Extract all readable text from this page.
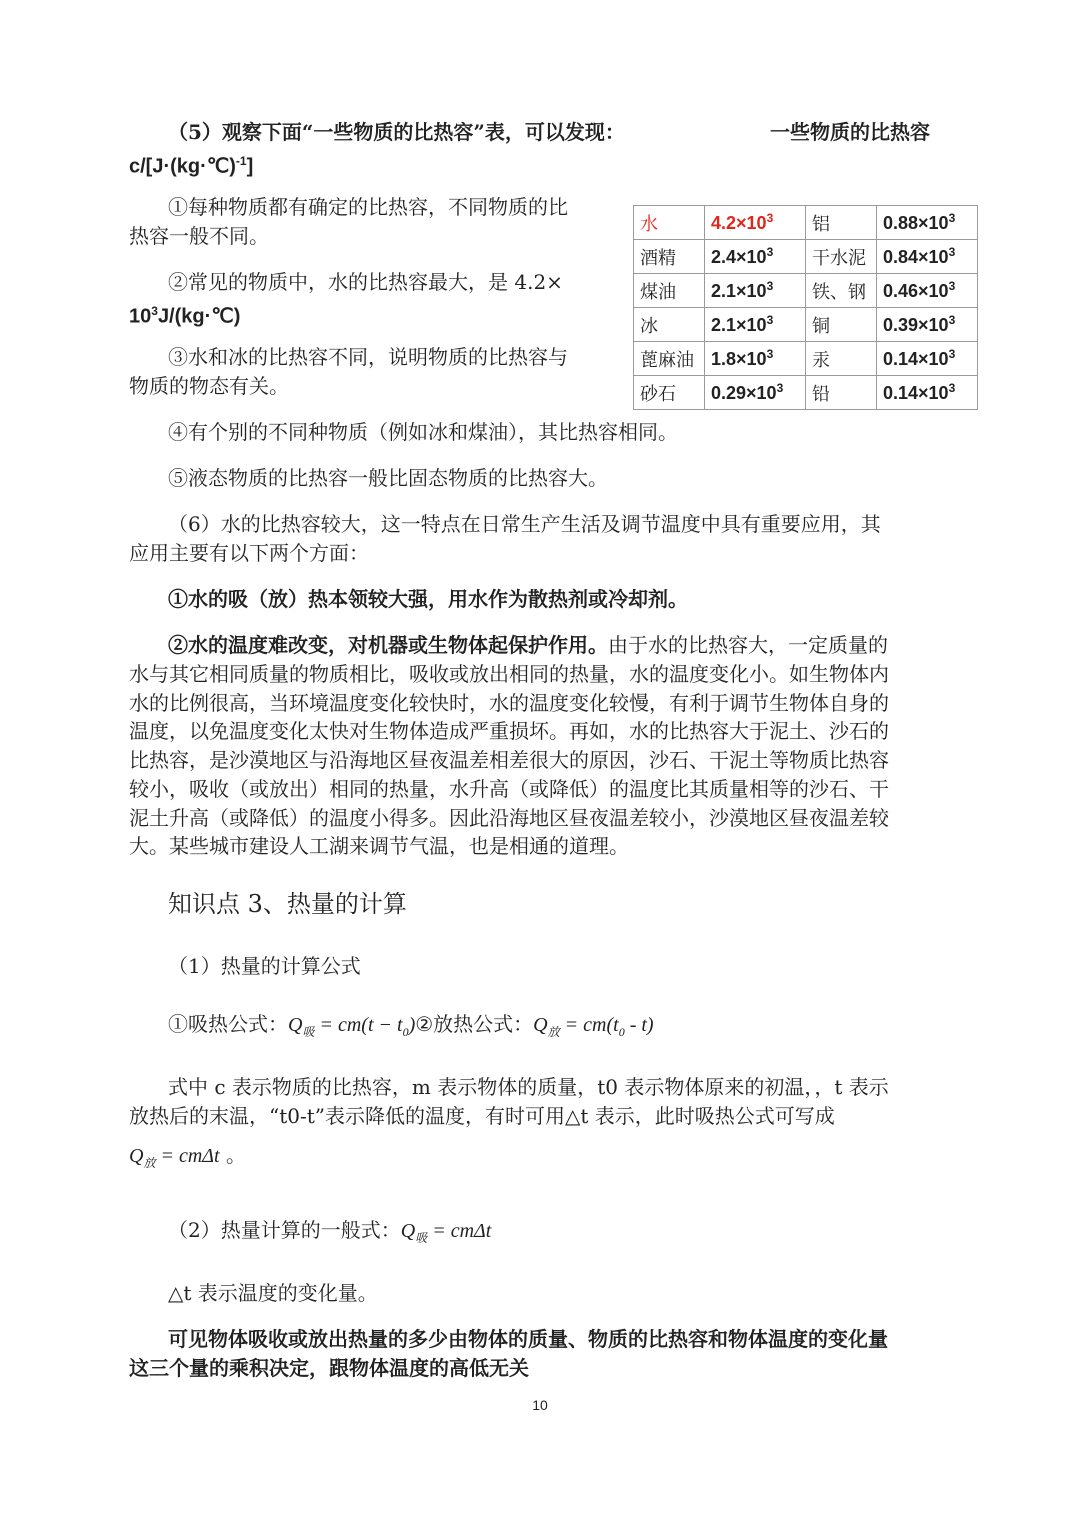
（5）观察下面“一些物质的比热容”表，可以发现：	一些物质的比热容
c/[J·(kg·℃)$^{-1}$]
①每种物质都有确定的比热容，不同物质的比
热容一般不同。
②常见的物质中，水的比热容最大，是 4.2×
$10^3J/(kg\cdot℃)$
③水和冰的比热容不同，说明物质的比热容与
物质的物态有关。
水	$4.2\times 10^3$	铝	$0.88\times 10^3$
酒精	$2.4\times 10^3$	干水泥	$0.84\times 10^3$
煤油	$2.1\times 10^3$	铁、钢	$0.46\times 10^3$
冰	$2.1\times 10^3$	铜	$0.39\times 10^3$
蓖麻油	$1.8\times 10^3$	汞	$0.14\times 10^3$
砂石	$0.29\times 10^3$	铅	$0.14\times 10^3$
④有个别的不同种物质（例如冰和煤油），其比热容相同。
⑤液态物质的比热容一般比固态物质的比热容大。
（6）水的比热容较大，这一特点在日常生产生活及调节温度中具有重要应用，其
应用主要有以下两个方面：
①水的吸（放）热本领较大强，用水作为散热剂或冷却剂。
②水的温度难改变，对机器或生物体起保护作用。由于水的比热容大，一定质量的
水与其它相同质量的物质相比，吸收或放出相同的热量，水的温度变化小。如生物体内
水的比例很高，当环境温度变化较快时，水的温度变化较慢，有利于调节生物体自身的
温度，以免温度变化太快对生物体造成严重损坏。再如，水的比热容大于泥土、沙石的
比热容，是沙漠地区与沿海地区昼夜温差相差很大的原因，沙石、干泥土等物质比热容
较小，吸收（或放出）相同的热量，水升高（或降低）的温度比其质量相等的沙石、干
泥土升高（或降低）的温度小得多。因此沿海地区昼夜温差较小，沙漠地区昼夜温差较
大。某些城市建设人工湖来调节气温，也是相通的道理。
知识点 3、热量的计算
（1）热量的计算公式
①吸热公式：$Q_吸 = cm(t$ − $t_0)②$放热公式：$Q_放 = cm(t_0 - t)$
式中 c 表示物质的比热容，m 表示物体的质量，t0 表示物体原来的初温，，t 表示
放热后的末温，“t0-t”表示降低的温度，有时可用△t 表示，此时吸热公式可写成
$Q_放 = cm\Delta t$ 。
（2）热量计算的一般式：$Q_吸 = cm\Delta t$
△t 表示温度的变化量。
可见物体吸收或放出热量的多少由物体的质量、物质的比热容和物体温度的变化量
这三个量的乘积决定，跟物体温度的高低无关
10
